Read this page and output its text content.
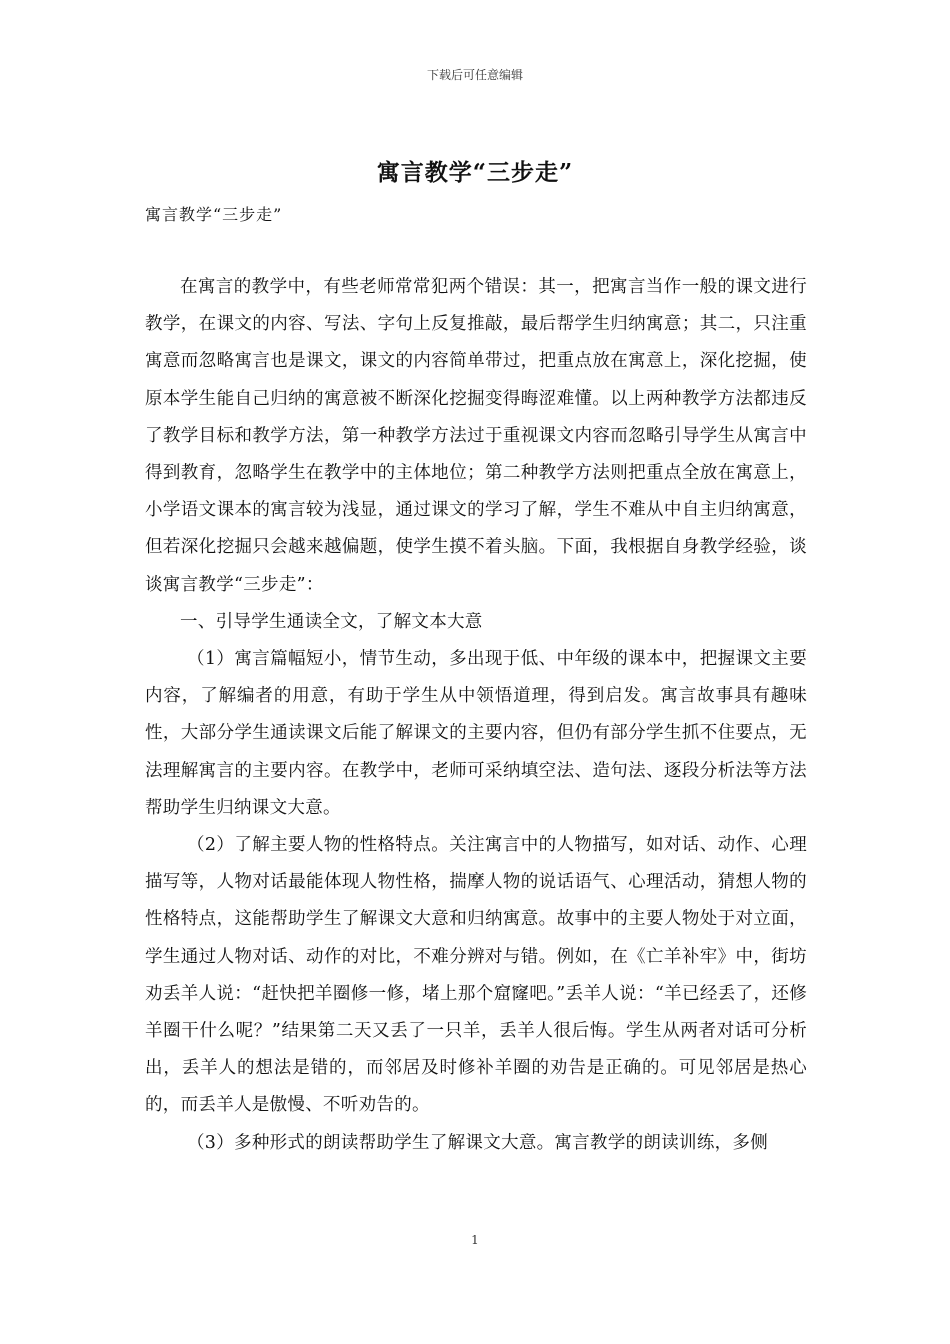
下载后可任意编辑
寓言教学“三步走”
寓言教学“三步走”

在寓言的教学中，有些老师常常犯两个错误：其一，把寓言当作一般的课文进行教学，在课文的内容、写法、字句上反复推敲，最后帮学生归纳寓意；其二，只注重寓意而忽略寓言也是课文，课文的内容简单带过，把重点放在寓意上，深化挖掘，使原本学生能自己归纳的寓意被不断深化挖掘变得晦涩难懂。以上两种教学方法都违反了教学目标和教学方法，第一种教学方法过于重视课文内容而忽略引导学生从寓言中得到教育，忽略学生在教学中的主体地位；第二种教学方法则把重点全放在寓意上，小学语文课本的寓言较为浅显，通过课文的学习了解，学生不难从中自主归纳寓意，但若深化挖掘只会越来越偏题，使学生摸不着头脑。下面，我根据自身教学经验，谈谈寓言教学“三步走”：

一、引导学生通读全文，了解文本大意

（1）寓言篇幅短小，情节生动，多出现于低、中年级的课本中，把握课文主要内容，了解编者的用意，有助于学生从中领悟道理，得到启发。寓言故事具有趣味性，大部分学生通读课文后能了解课文的主要内容，但仍有部分学生抓不住要点，无法理解寓言的主要内容。在教学中，老师可采纳填空法、造句法、逐段分析法等方法帮助学生归纳课文大意。

（2）了解主要人物的性格特点。关注寓言中的人物描写，如对话、动作、心理描写等，人物对话最能体现人物性格，揣摩人物的说话语气、心理活动，猜想人物的性格特点，这能帮助学生了解课文大意和归纳寓意。故事中的主要人物处于对立面，学生通过人物对话、动作的对比，不难分辨对与错。例如，在《亡羊补牢》中，街坊劝丢羊人说：“赶快把羊圈修一修，堵上那个窟窿吧。”丢羊人说：“羊已经丢了，还修羊圈干什么呢？”结果第二天又丢了一只羊，丢羊人很后悔。学生从两者对话可分析出，丢羊人的想法是错的，而邻居及时修补羊圈的劝告是正确的。可见邻居是热心的，而丢羊人是傲慢、不听劝告的。

（3）多种形式的朗读帮助学生了解课文大意。寓言教学的朗读训练，多侧

1
